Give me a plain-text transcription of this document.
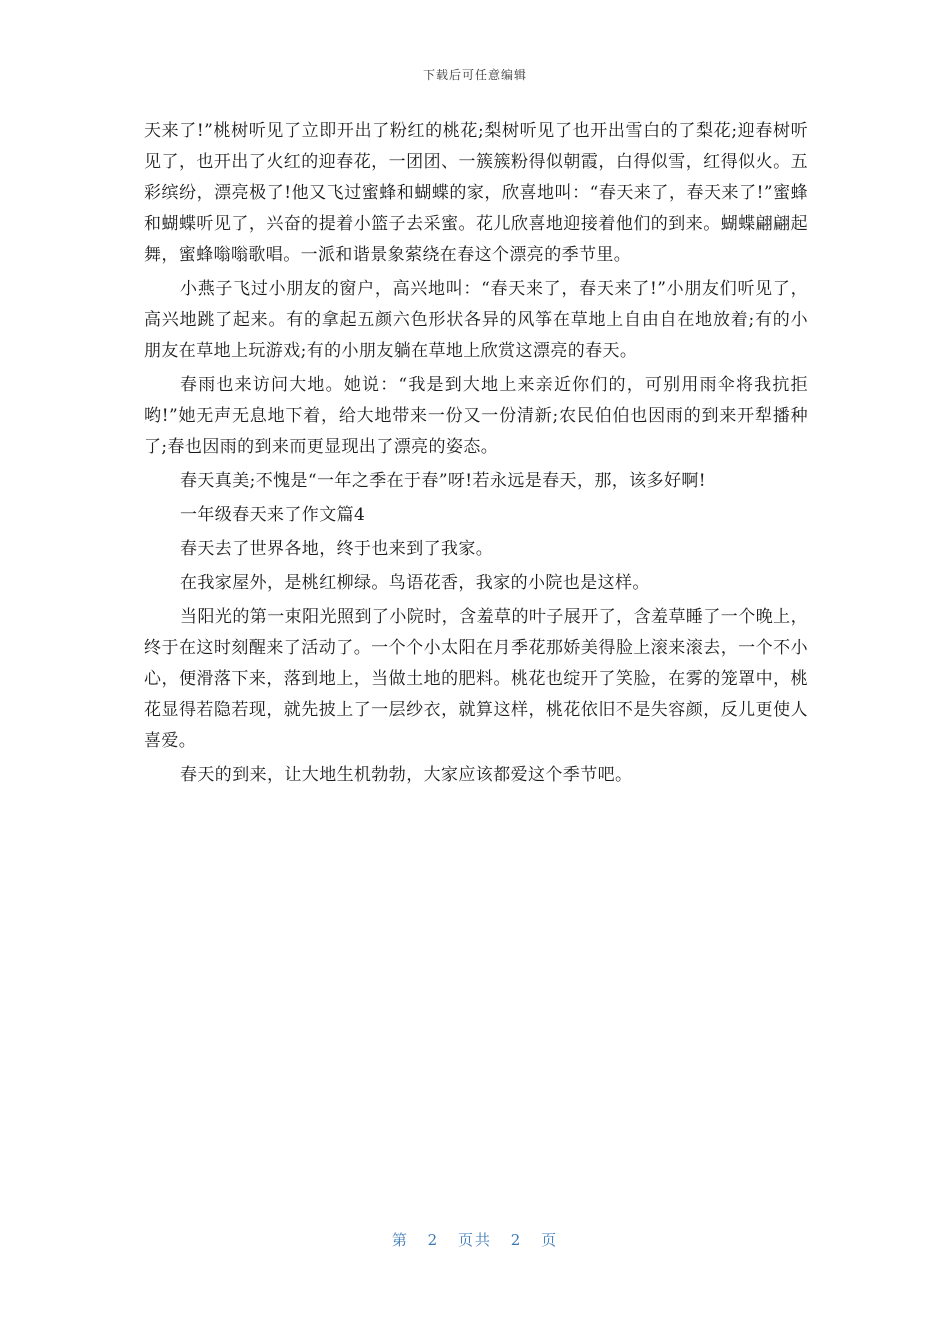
下载后可任意编辑

天来了!”桃树听见了立即开出了粉红的桃花;梨树听见了也开出雪白的了梨花;迎春树听见了，也开出了火红的迎春花，一团团、一簇簇粉得似朝霞，白得似雪，红得似火。五彩缤纷，漂亮极了!他又飞过蜜蜂和蝴蝶的家，欣喜地叫：“春天来了，春天来了!”蜜蜂和蝴蝶听见了，兴奋的提着小篮子去采蜜。花儿欣喜地迎接着他们的到来。蝴蝶翩翩起舞，蜜蜂嗡嗡歌唱。一派和谐景象萦绕在春这个漂亮的季节里。

小燕子飞过小朋友的窗户，高兴地叫：“春天来了，春天来了!”小朋友们听见了，高兴地跳了起来。有的拿起五颜六色形状各异的风筝在草地上自由自在地放着;有的小朋友在草地上玩游戏;有的小朋友躺在草地上欣赏这漂亮的春天。

春雨也来访问大地。她说：“我是到大地上来亲近你们的，可别用雨伞将我抗拒哟!”她无声无息地下着，给大地带来一份又一份清新;农民伯伯也因雨的到来开犁播种了;春也因雨的到来而更显现出了漂亮的姿态。

春天真美;不愧是“一年之季在于春”呀!若永远是春天，那，该多好啊!

一年级春天来了作文篇4

春天去了世界各地，终于也来到了我家。

在我家屋外，是桃红柳绿。鸟语花香，我家的小院也是这样。

当阳光的第一束阳光照到了小院时，含羞草的叶子展开了，含羞草睡了一个晚上，终于在这时刻醒来了活动了。一个个小太阳在月季花那娇美得脸上滚来滚去，一个不小心，便滑落下来，落到地上，当做土地的肥料。桃花也绽开了笑脸，在雾的笼罩中，桃花显得若隐若现，就先披上了一层纱衣，就算这样，桃花依旧不是失容颜，反儿更使人喜爱。

春天的到来，让大地生机勃勃，大家应该都爱这个季节吧。

第 2 页共 2 页
